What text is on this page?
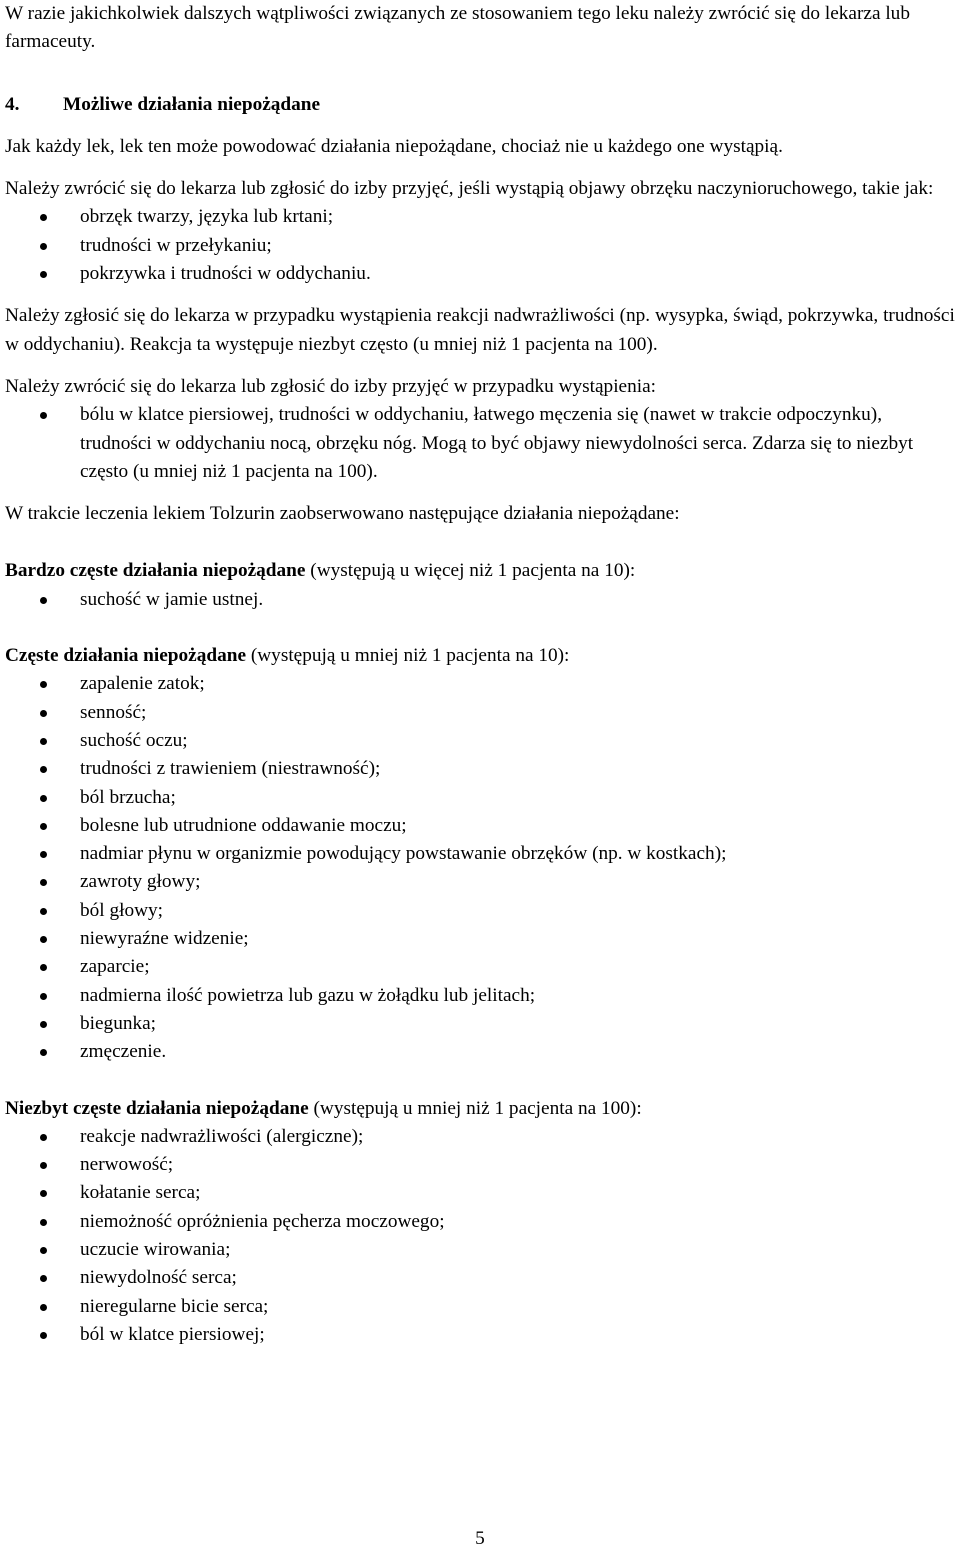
W razie jakichkolwiek dalszych wątpliwości związanych ze stosowaniem tego leku należy zwrócić się do lekarza lub farmaceuty.

4. Możliwe działania niepożądane

Jak każdy lek, lek ten może powodować działania niepożądane, chociaż nie u każdego one wystąpią.

Należy zwrócić się do lekarza lub zgłosić do izby przyjęć, jeśli wystąpią objawy obrzęku naczynioruchowego, takie jak:

obrzęk twarzy, języka lub krtani;
trudności w przełykaniu;
pokrzywka i trudności w oddychaniu.

Należy zgłosić się do lekarza w przypadku wystąpienia reakcji nadwrażliwości (np. wysypka, świąd, pokrzywka, trudności w oddychaniu). Reakcja ta występuje niezbyt często (u mniej niż 1 pacjenta na 100).

Należy zwrócić się do lekarza lub zgłosić do izby przyjęć w przypadku wystąpienia:

bólu w klatce piersiowej, trudności w oddychaniu, łatwego męczenia się (nawet w trakcie odpoczynku), trudności w oddychaniu nocą, obrzęku nóg. Mogą to być objawy niewydolności serca. Zdarza się to niezbyt często (u mniej niż 1 pacjenta na 100).

W trakcie leczenia lekiem Tolzurin zaobserwowano następujące działania niepożądane:

Bardzo częste działania niepożądane (występują u więcej niż 1 pacjenta na 10):

suchość w jamie ustnej.

Częste działania niepożądane (występują u mniej niż 1 pacjenta na 10):

zapalenie zatok;
senność;
suchość oczu;
trudności z trawieniem (niestrawność);
ból brzucha;
bolesne lub utrudnione oddawanie moczu;
nadmiar płynu w organizmie powodujący powstawanie obrzęków (np. w kostkach);
zawroty głowy;
ból głowy;
niewyraźne widzenie;
zaparcie;
nadmierna ilość powietrza lub gazu w żołądku lub jelitach;
biegunka;
zmęczenie.

Niezbyt częste działania niepożądane (występują u mniej niż 1 pacjenta na 100):

reakcje nadwrażliwości (alergiczne);
nerwowość;
kołatanie serca;
niemożność opróżnienia pęcherza moczowego;
uczucie wirowania;
niewydolność serca;
nieregularne bicie serca;
ból w klatce piersiowej;
5
